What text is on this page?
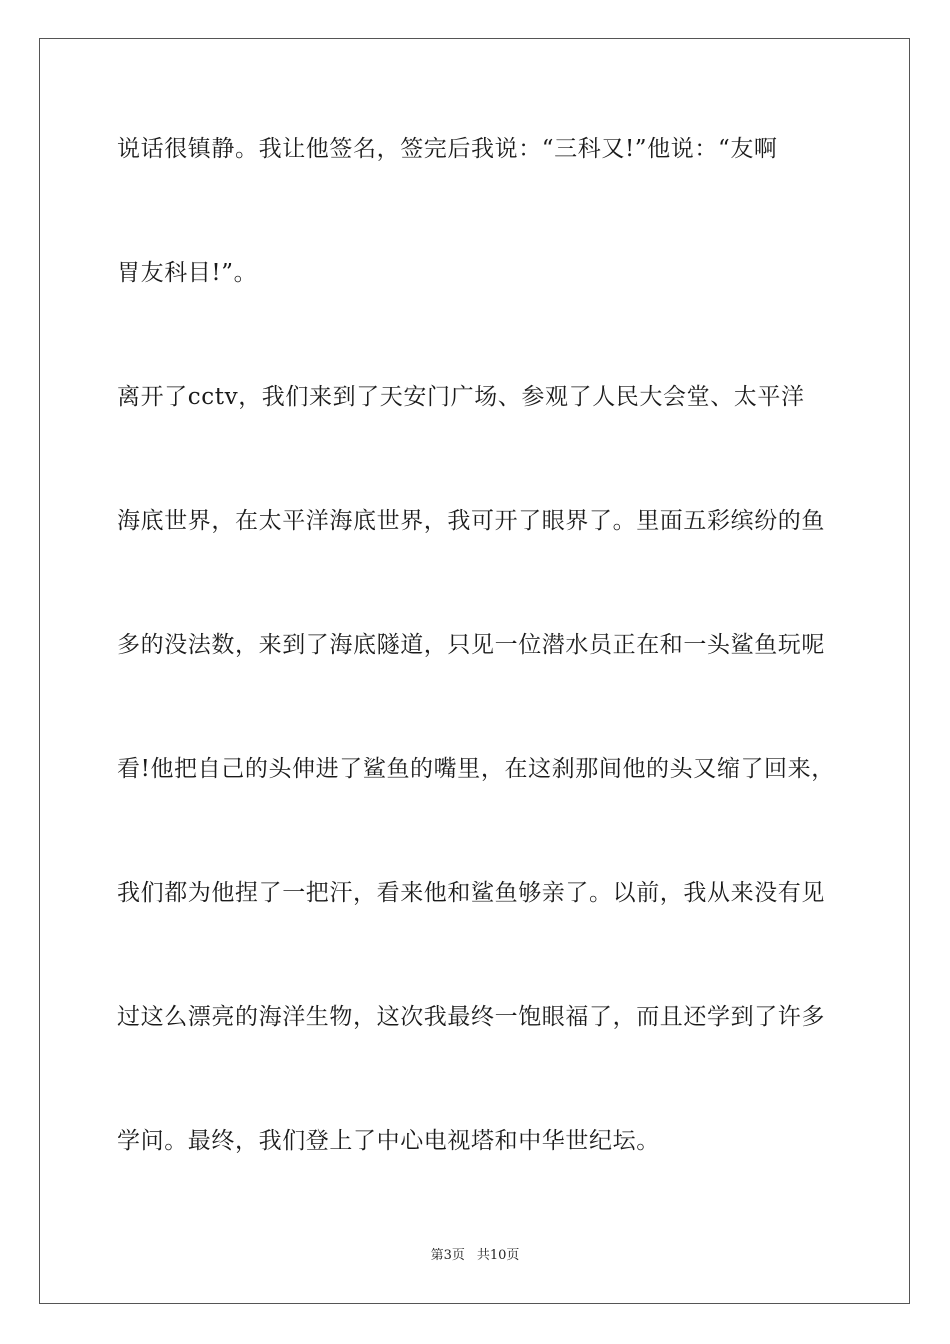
说话很镇静。我让他签名，签完后我说：“三科又!”他说：“友啊
胃友科目!”。
离开了cctv，我们来到了天安门广场、参观了人民大会堂、太平洋
海底世界，在太平洋海底世界，我可开了眼界了。里面五彩缤纷的鱼
多的没法数，来到了海底隧道，只见一位潜水员正在和一头鲨鱼玩呢
看!他把自己的头伸进了鲨鱼的嘴里，在这刹那间他的头又缩了回来，
我们都为他捏了一把汗，看来他和鲨鱼够亲了。以前，我从来没有见
过这么漂亮的海洋生物，这次我最终一饱眼福了，而且还学到了许多
学问。最终，我们登上了中心电视塔和中华世纪坛。
第3页 共10页
